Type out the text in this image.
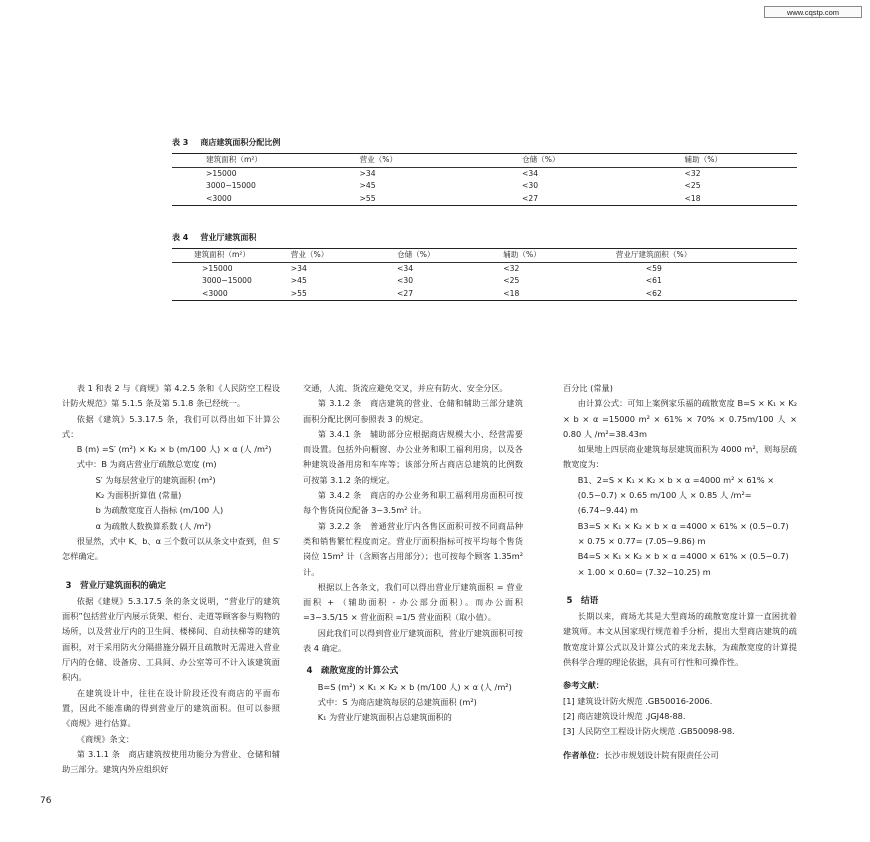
www.cqstp.com
表 3 商店建筑面积分配比例
建筑面积（m²）	营业（%）	仓储（%）	辅助（%）
>15000	>34	<34	<32
3000~15000	>45	<30	<25
<3000	>55	<27	<18
表 4 营业厅建筑面积
建筑面积（m²）	营业（%）	仓储（%）	辅助（%）	营业厅建筑面积（%）
>15000	>34	<34	<32	<59
3000~15000	>45	<30	<25	<61
<3000	>55	<27	<18	<62
表 1 和表 2 与《商规》第 4.2.5 条和《人民防空工程设计防火规范》第 5.1.5 条及第 5.1.8 条已经统一。
依据《建筑》5.3.17.5 条，我们可以得出如下计算公式：
B (m) =S′ (m²) × K₂ × b (m/100 人) × α (人 /m²)
式中：B 为商店营业厅疏散总宽度 (m)
S′ 为每层营业厅的建筑面积 (m²)
K₂ 为面积折算值 (常量)
b 为疏散宽度百人指标 (m/100 人)
α 为疏散人数换算系数 (人 /m²)
很显然，式中 K、b、α 三个数可以从条文中查到，但 S′ 怎样确定。
3　营业厅建筑面积的确定
依据《建规》5.3.17.5 条的条文说明，“营业厅的建筑面积”包括营业厅内展示货架、柜台、走道等顾客参与购物的场所，以及营业厅内的卫生间、楼梯间、自动扶梯等的建筑面积，对于采用防火分隔措施分隔开且疏散时无需进入营业厅内的仓储、设备房、工具间、办公室等可不计入该建筑面积内。
在建筑设计中，往往在设计阶段还没有商店的平面布置，因此不能准确的得到营业厅的建筑面积。但可以参照《商规》进行估算。
《商规》条文：
第 3.1.1 条　商店建筑按使用功能分为营业、仓储和辅助三部分。建筑内外应组织好
交通，人流、货流应避免交叉，并应有防火、安全分区。
第 3.1.2 条　商店建筑的营业、仓储和辅助三部分建筑面积分配比例可参照表 3 的规定。
第 3.4.1 条　辅助部分应根据商店规模大小、经营需要而设置。包括外向橱窗、办公业务和职工福利用房，以及各种建筑设备用房和车库等；该部分所占商店总建筑的比例数可按第 3.1.2 条的规定。
第 3.4.2 条　商店的办公业务和职工福利用房面积可按每个售货岗位配备 3~3.5m² 计。
第 3.2.2 条　普通营业厅内各售区面积可按不同商品种类和销售繁忙程度而定。营业厅面积指标可按平均每个售货岗位 15m² 计（含顾客占用部分）；也可按每个顾客 1.35m² 计。
根据以上各条文，我们可以得出营业厅建筑面积 = 营业面积 + （辅助面积 - 办公部分面积）。而办公面积 =3~3.5/15 × 营业面积 =1/5 营业面积（取小值）。
因此我们可以得到营业厅建筑面积，营业厅建筑面积可按表 4 确定。
4　疏散宽度的计算公式
B=S (m²) × K₁ × K₂ × b (m/100 人) × α (人 /m²)
式中：S 为商店建筑每层的总建筑面积 (m²)
K₁ 为营业厅建筑面积占总建筑面积的
百分比 (常量)
由计算公式：可知上案例家乐福的疏散宽度 B=S × K₁ × K₂ × b × α =15000 m² × 61% × 70% × 0.75m/100 人 × 0.80 人 /m²=38.43m
如果地上四层商业建筑每层建筑面积为 4000 m²，则每层疏散宽度为：
B1、2=S × K₁ × K₂ × b × α =4000 m² × 61% × (0.5~0.7) × 0.65 m/100 人 × 0.85 人 /m²= (6.74~9.44) m
B3=S × K₁ × K₂ × b × α =4000 × 61% × (0.5~0.7) × 0.75 × 0.77= (7.05~9.86) m
B4=S × K₁ × K₂ × b × α =4000 × 61% × (0.5~0.7) × 1.00 × 0.60= (7.32~10.25) m
5　结语
长期以来，商场尤其是大型商场的疏散宽度计算一直困扰着建筑师。本文从国家现行规范着手分析，提出大型商店建筑的疏散宽度计算公式以及计算公式的来龙去脉，为疏散宽度的计算提供科学合理的理论依据，具有可行性和可操作性。
参考文献：
[1] 建筑设计防火规范 .GB50016-2006.
[2] 商店建筑设计规范 .JGJ48-88.
[3] 人民防空工程设计防火规范 .GB50098-98.
作者单位：长沙市规划设计院有限责任公司
76
